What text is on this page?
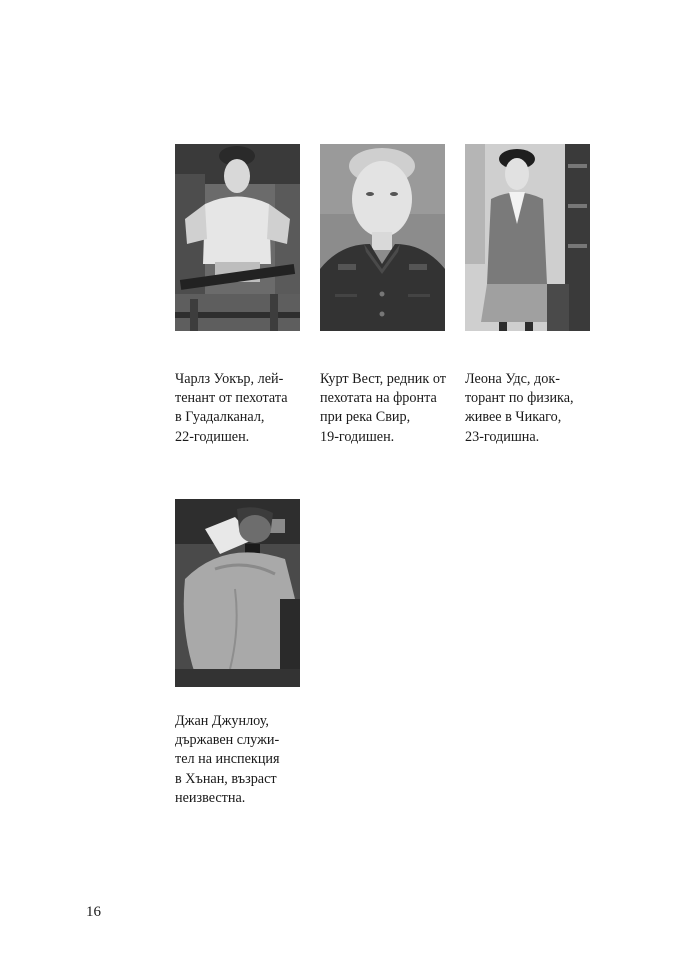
Чарлз Уокър, лей-
тенант от пехотата
в Гуадалканал,
22-годишен.

Курт Вест, редник от
пехотата на фронта
при река Свир,
19-годишен.

Леона Удс, док-
торант по физика,
живее в Чикаго,
23-годишна.

Джан Джунлоу,
държавен служи-
тел на инспекция
в Хънан, възраст
неизвестна.

16
